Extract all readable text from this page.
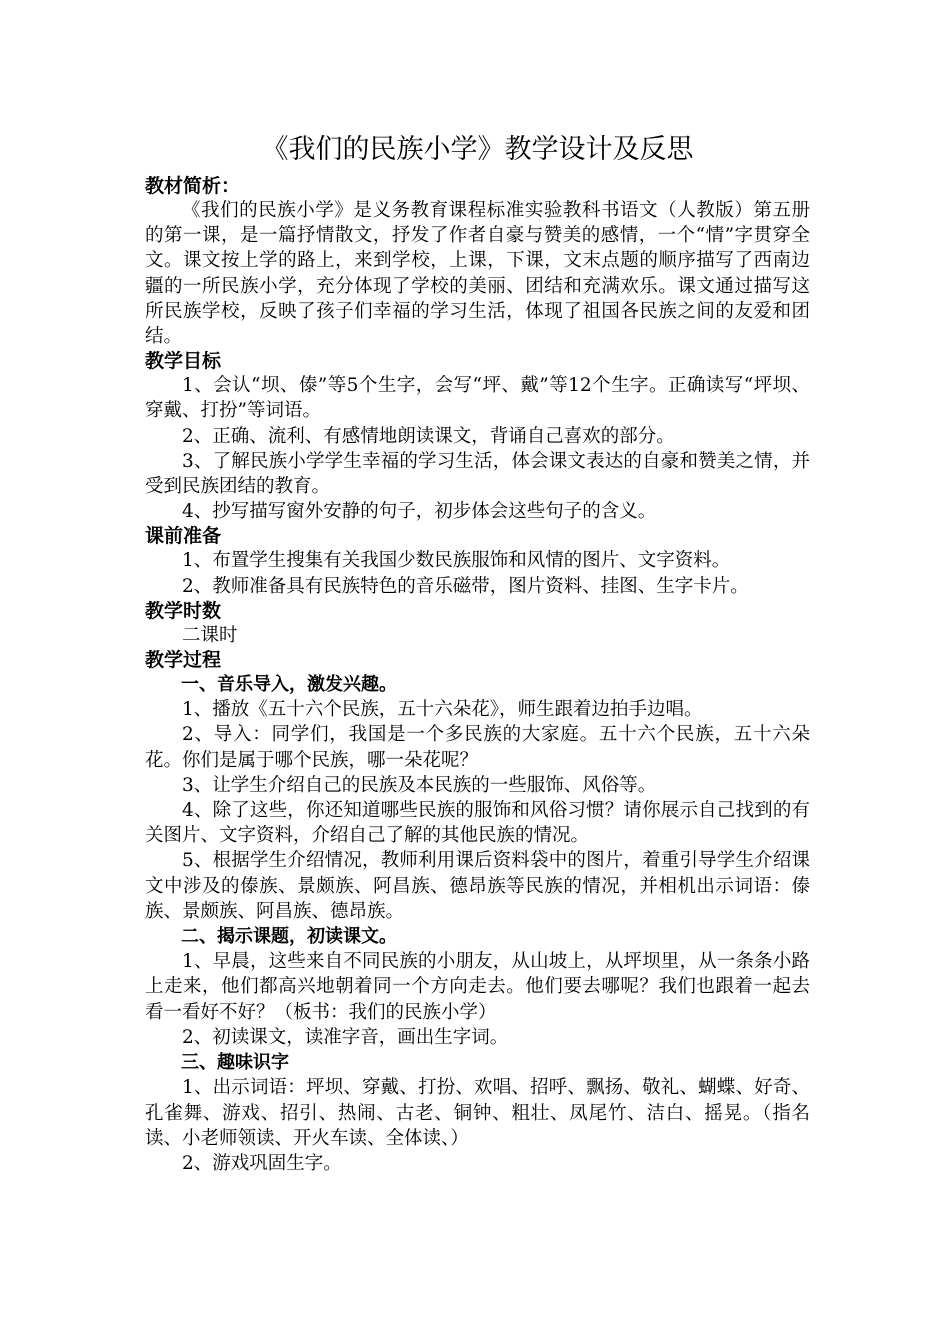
《我们的民族小学》教学设计及反思
教材简析：

《我们的民族小学》是义务教育课程标准实验教科书语文（人教版）第五册的第一课，是一篇抒情散文，抒发了作者自豪与赞美的感情，一个“情”字贯穿全文。课文按上学的路上，来到学校，上课，下课，文末点题的顺序描写了西南边疆的一所民族小学，充分体现了学校的美丽、团结和充满欢乐。课文通过描写这所民族学校，反映了孩子们幸福的学习生活，体现了祖国各民族之间的友爱和团结。

教学目标

1、会认“坝、傣”等5个生字，会写“坪、戴”等12个生字。正确读写“坪坝、穿戴、打扮”等词语。

2、正确、流利、有感情地朗读课文，背诵自己喜欢的部分。

3、了解民族小学学生幸福的学习生活，体会课文表达的自豪和赞美之情，并受到民族团结的教育。

4、抄写描写窗外安静的句子，初步体会这些句子的含义。

课前准备

1、布置学生搜集有关我国少数民族服饰和风情的图片、文字资料。

2、教师准备具有民族特色的音乐磁带，图片资料、挂图、生字卡片。

教学时数

二课时

教学过程

一、音乐导入，激发兴趣。

1、播放《五十六个民族，五十六朵花》，师生跟着边拍手边唱。

2、导入：同学们，我国是一个多民族的大家庭。五十六个民族，五十六朵花。你们是属于哪个民族，哪一朵花呢？

3、让学生介绍自己的民族及本民族的一些服饰、风俗等。

4、除了这些，你还知道哪些民族的服饰和风俗习惯？请你展示自己找到的有关图片、文字资料，介绍自己了解的其他民族的情况。

5、根据学生介绍情况，教师利用课后资料袋中的图片，着重引导学生介绍课文中涉及的傣族、景颇族、阿昌族、德昂族等民族的情况，并相机出示词语：傣族、景颇族、阿昌族、德昂族。

二、揭示课题，初读课文。

1、早晨，这些来自不同民族的小朋友，从山坡上，从坪坝里，从一条条小路上走来，他们都高兴地朝着同一个方向走去。他们要去哪呢？我们也跟着一起去看一看好不好？（板书：我们的民族小学）

2、初读课文，读准字音，画出生字词。

三、趣味识字

1、出示词语：坪坝、穿戴、打扮、欢唱、招呼、飘扬、敬礼、蝴蝶、好奇、孔雀舞、游戏、招引、热闹、古老、铜钟、粗壮、凤尾竹、洁白、摇晃。（指名读、小老师领读、开火车读、全体读、）

2、游戏巩固生字。
